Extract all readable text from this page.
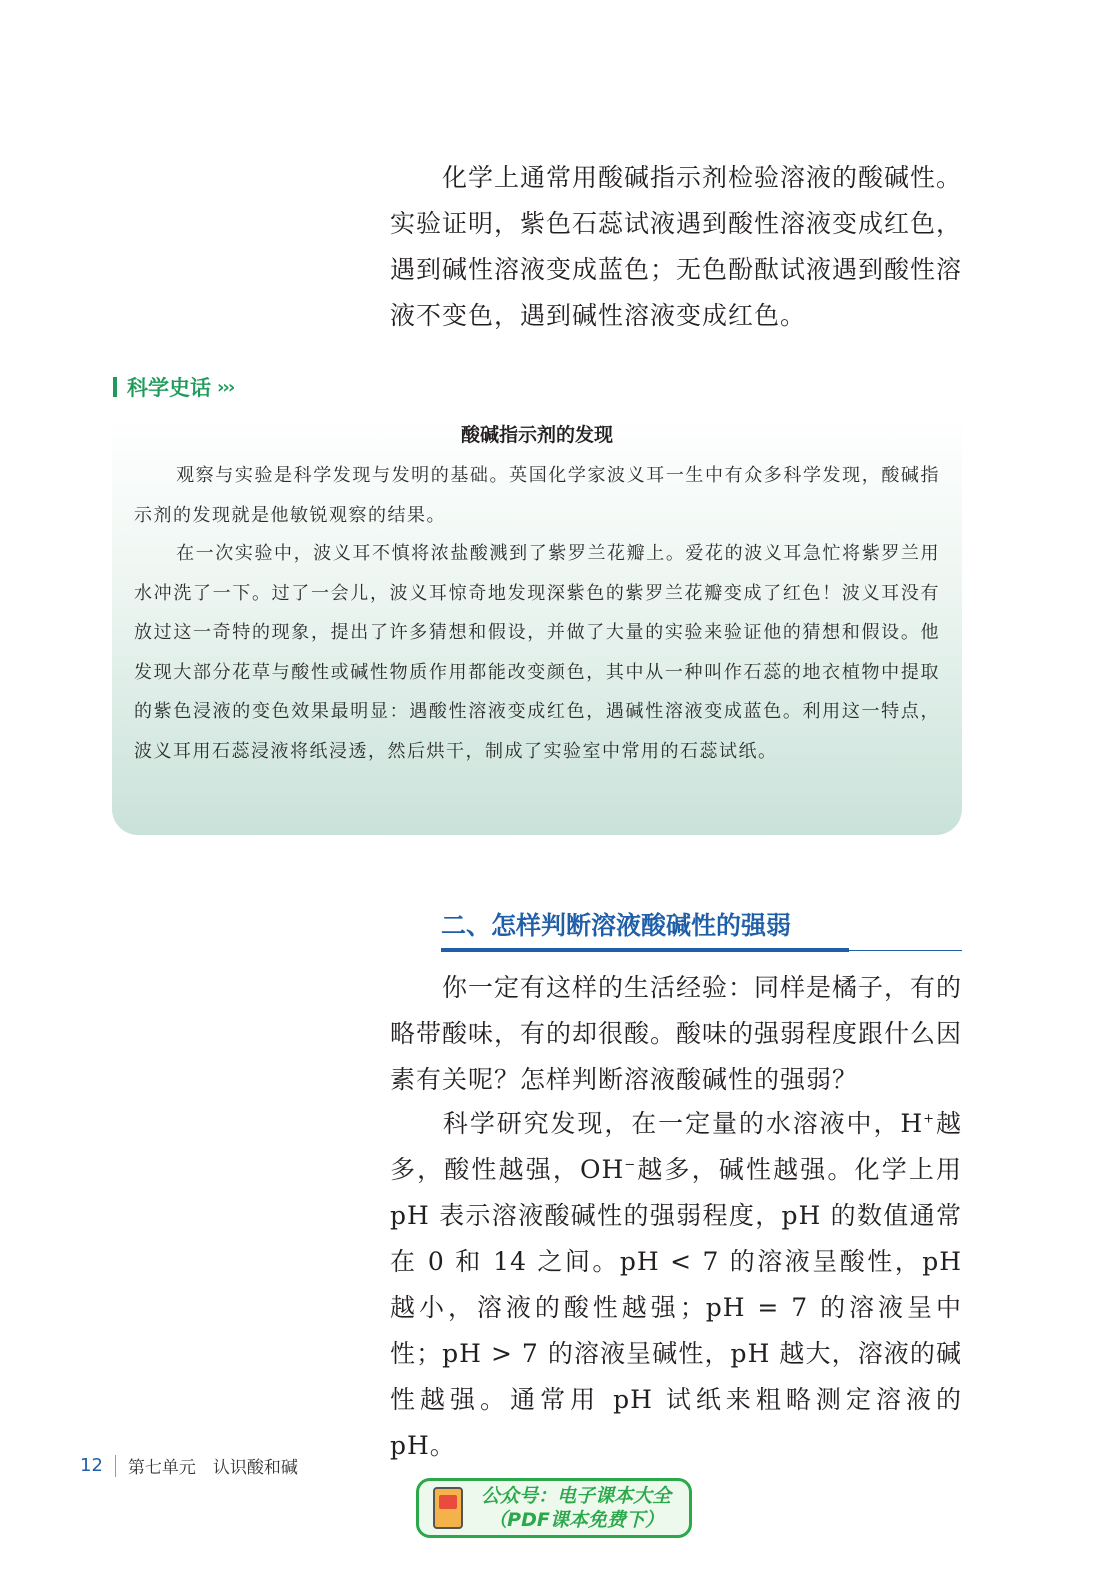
化学上通常用酸碱指示剂检验溶液的酸碱性。实验证明，紫色石蕊试液遇到酸性溶液变成红色，遇到碱性溶液变成蓝色；无色酚酞试液遇到酸性溶液不变色，遇到碱性溶液变成红色。

科学史话 ›››
酸碱指示剂的发现

观察与实验是科学发现与发明的基础。英国化学家波义耳一生中有众多科学发现，酸碱指示剂的发现就是他敏锐观察的结果。

在一次实验中，波义耳不慎将浓盐酸溅到了紫罗兰花瓣上。爱花的波义耳急忙将紫罗兰用水冲洗了一下。过了一会儿，波义耳惊奇地发现深紫色的紫罗兰花瓣变成了红色！波义耳没有放过这一奇特的现象，提出了许多猜想和假设，并做了大量的实验来验证他的猜想和假设。他发现大部分花草与酸性或碱性物质作用都能改变颜色，其中从一种叫作石蕊的地衣植物中提取的紫色浸液的变色效果最明显：遇酸性溶液变成红色，遇碱性溶液变成蓝色。利用这一特点，波义耳用石蕊浸液将纸浸透，然后烘干，制成了实验室中常用的石蕊试纸。

二、怎样判断溶液酸碱性的强弱

你一定有这样的生活经验：同样是橘子，有的略带酸味，有的却很酸。酸味的强弱程度跟什么因素有关呢？怎样判断溶液酸碱性的强弱？

科学研究发现，在一定量的水溶液中，H+越多，酸性越强，OH−越多，碱性越强。化学上用 pH 表示溶液酸碱性的强弱程度，pH 的数值通常在 0 和 14 之间。pH < 7 的溶液呈酸性，pH 越小，溶液的酸性越强；pH = 7 的溶液呈中性；pH > 7 的溶液呈碱性，pH 越大，溶液的碱性越强。通常用 pH 试纸来粗略测定溶液的 pH。

12 第七单元　认识酸和碱
公众号：电子课本大全
（PDF课本免费下）
